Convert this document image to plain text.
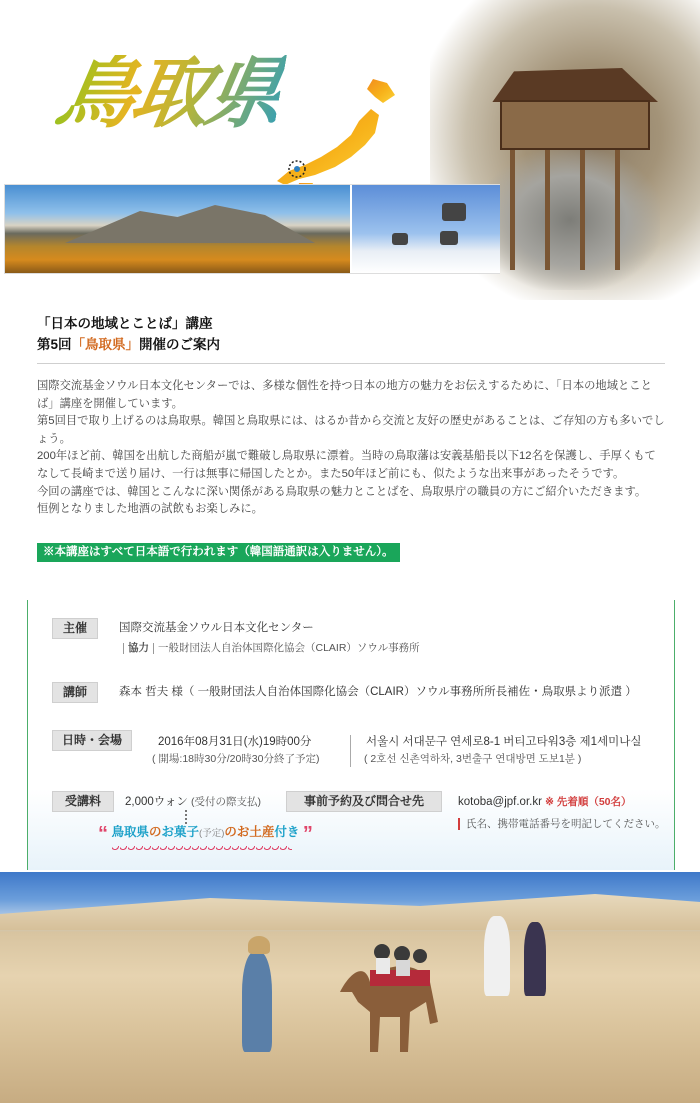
鳥取県
「日本の地域とことば」講座
第5回「鳥取県」開催のご案内

国際交流基金ソウル日本文化センターでは、多様な個性を持つ日本の地方の魅力をお伝えするために、「日本の地域とことば」講座を開催しています。

第5回目で取り上げるのは鳥取県。韓国と鳥取県には、はるか昔から交流と友好の歴史があることは、ご存知の方も多いでしょう。

200年ほど前、韓国を出航した商船が嵐で難破し鳥取県に漂着。当時の鳥取藩は安義基船長以下12名を保護し、手厚くもてなして長崎まで送り届け、一行は無事に帰国したとか。また50年ほど前にも、似たような出来事があったそうです。

今回の講座では、韓国とこんなに深い関係がある鳥取県の魅力とことばを、鳥取県庁の職員の方にご紹介いただきます。

恒例となりました地酒の試飲もお楽しみに。

※本講座はすべて日本語で行われます（韓国語通訳は入りません）。
主催	国際交流基金ソウル日本文化センター
協力 一般財団法人自治体国際化協会（CLAIR）ソウル事務所
講師	森本 哲夫 様（ 一般財団法人自治体国際化協会（CLAIR）ソウル事務所所長補佐・鳥取県より派遣 ）
日時・会場	2016年08月31日(水)19時00分
( 開場:18時30分/20時30分終了予定)
서울시 서대문구 연세로8-1 버티고타워3층 제1세미나실
( 2호선 신촌역하차, 3번출구 연대방면 도보1분 )
受講料	2,000ウォン (受付の際支払)	事前予約及び問合せ先	kotoba@jpf.or.kr ※ 先着順（50名）
氏名、携帯電話番号を明記してください。
“ 鳥取県のお菓子(予定)のお土産付き ”
